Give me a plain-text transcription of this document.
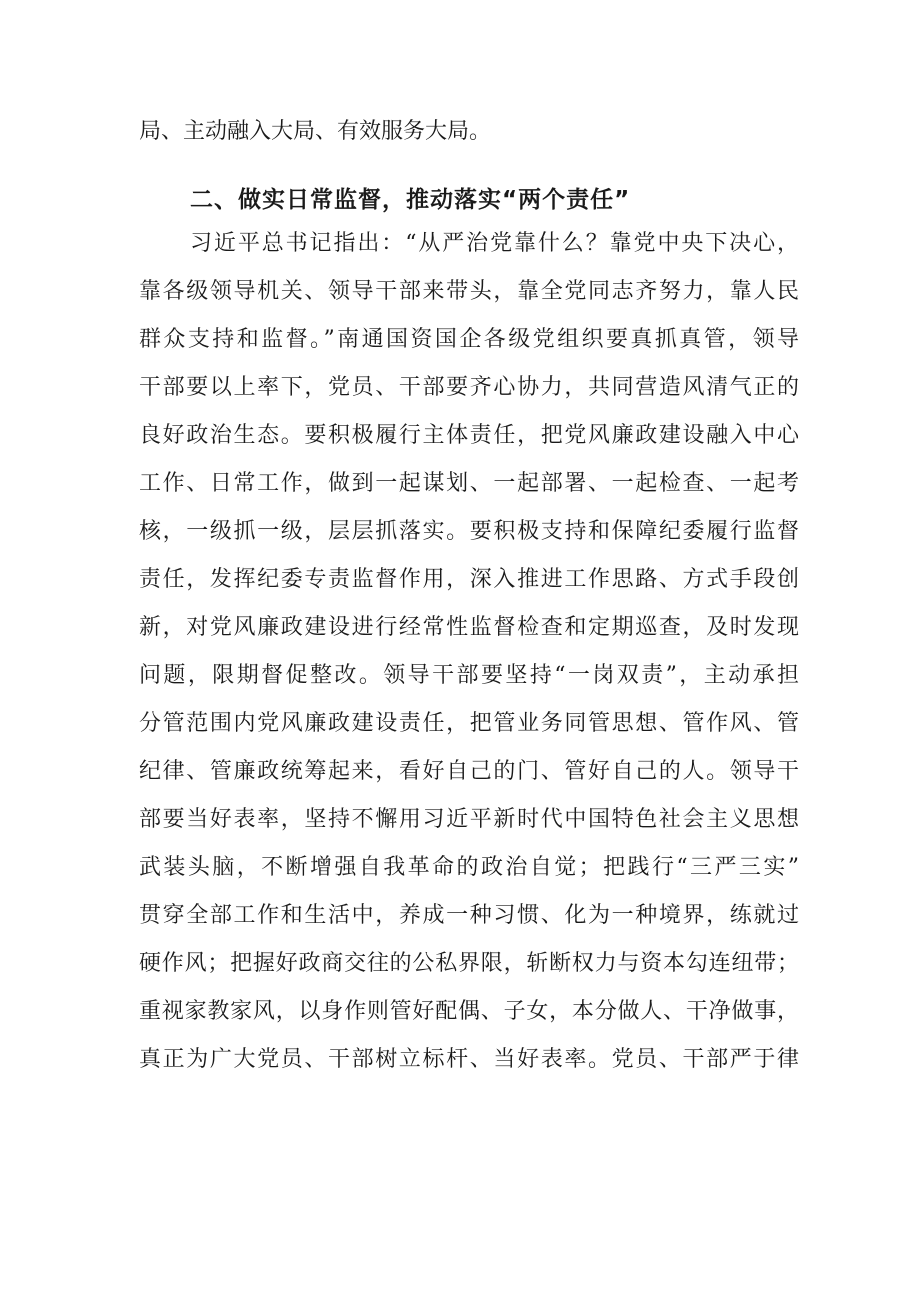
局、主动融入大局、有效服务大局。
二、做实日常监督，推动落实“两个责任”
习近平总书记指出：“从严治党靠什么？靠党中央下决心，
靠各级领导机关、领导干部来带头，靠全党同志齐努力，靠人民
群众支持和监督。”南通国资国企各级党组织要真抓真管，领导
干部要以上率下，党员、干部要齐心协力，共同营造风清气正的
良好政治生态。要积极履行主体责任，把党风廉政建设融入中心
工作、日常工作，做到一起谋划、一起部署、一起检查、一起考
核，一级抓一级，层层抓落实。要积极支持和保障纪委履行监督
责任，发挥纪委专责监督作用，深入推进工作思路、方式手段创
新，对党风廉政建设进行经常性监督检查和定期巡查，及时发现
问题，限期督促整改。领导干部要坚持“一岗双责”，主动承担
分管范围内党风廉政建设责任，把管业务同管思想、管作风、管
纪律、管廉政统筹起来，看好自己的门、管好自己的人。领导干
部要当好表率，坚持不懈用习近平新时代中国特色社会主义思想
武装头脑，不断增强自我革命的政治自觉；把践行“三严三实”
贯穿全部工作和生活中，养成一种习惯、化为一种境界，练就过
硬作风；把握好政商交往的公私界限，斩断权力与资本勾连纽带；
重视家教家风，以身作则管好配偶、子女，本分做人、干净做事，
真正为广大党员、干部树立标杆、当好表率。党员、干部严于律
